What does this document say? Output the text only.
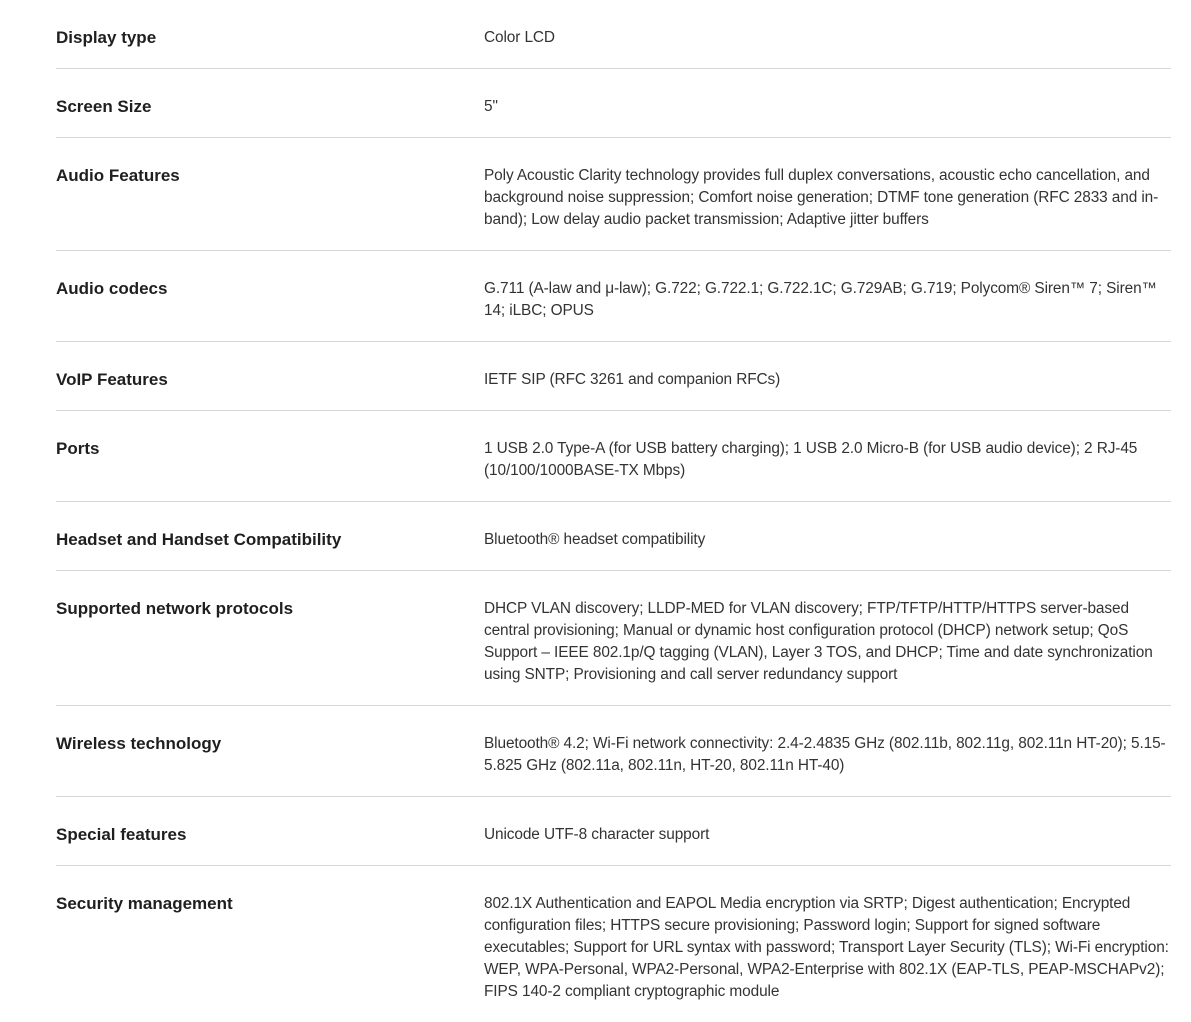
Display type	Color LCD
Screen Size	5"
Audio Features	Poly Acoustic Clarity technology provides full duplex conversations, acoustic echo cancellation, and background noise suppression; Comfort noise generation; DTMF tone generation (RFC 2833 and in-band); Low delay audio packet transmission; Adaptive jitter buffers
Audio codecs	G.711 (A-law and μ-law); G.722; G.722.1; G.722.1C; G.729AB; G.719; Polycom® Siren™ 7; Siren™ 14; iLBC; OPUS
VoIP Features	IETF SIP (RFC 3261 and companion RFCs)
Ports	1 USB 2.0 Type-A (for USB battery charging); 1 USB 2.0 Micro-B (for USB audio device); 2 RJ-45 (10/100/1000BASE-TX Mbps)
Headset and Handset Compatibility	Bluetooth® headset compatibility
Supported network protocols	DHCP VLAN discovery; LLDP-MED for VLAN discovery; FTP/TFTP/HTTP/HTTPS server-based central provisioning; Manual or dynamic host configuration protocol (DHCP) network setup; QoS Support – IEEE 802.1p/Q tagging (VLAN), Layer 3 TOS, and DHCP; Time and date synchronization using SNTP; Provisioning and call server redundancy support
Wireless technology	Bluetooth® 4.2; Wi-Fi network connectivity: 2.4-2.4835 GHz (802.11b, 802.11g, 802.11n HT-20); 5.15-5.825 GHz (802.11a, 802.11n, HT-20, 802.11n HT-40)
Special features	Unicode UTF-8 character support
Security management	802.1X Authentication and EAPOL Media encryption via SRTP; Digest authentication; Encrypted configuration files; HTTPS secure provisioning; Password login; Support for signed software executables; Support for URL syntax with password; Transport Layer Security (TLS); Wi-Fi encryption: WEP, WPA-Personal, WPA2-Personal, WPA2-Enterprise with 802.1X (EAP-TLS, PEAP-MSCHAPv2); FIPS 140-2 compliant cryptographic module
